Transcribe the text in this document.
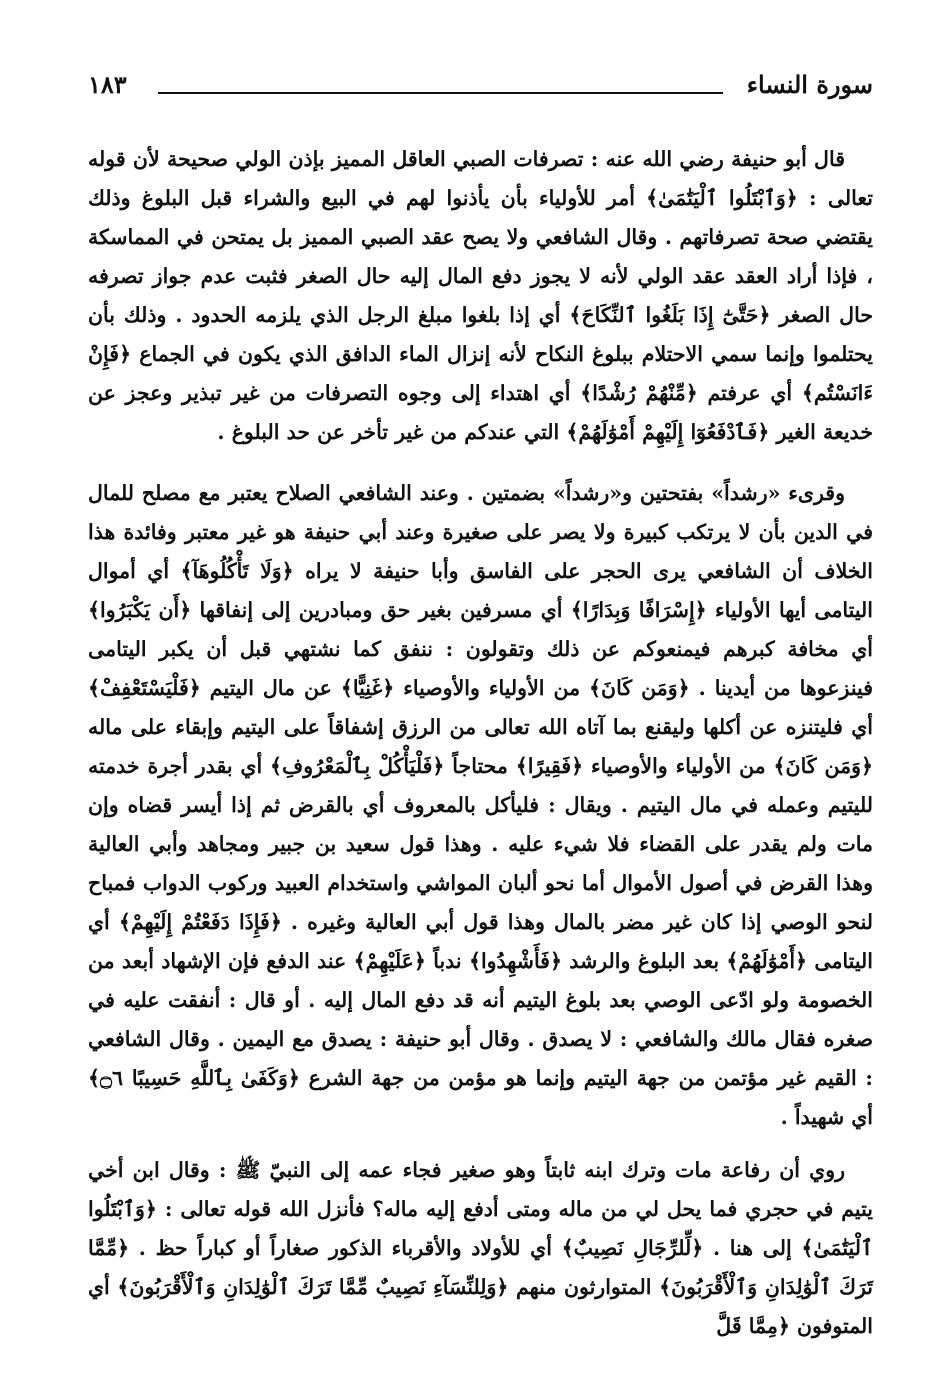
سورة النساء
١٨٣

قال أبو حنيفة رضي الله عنه : تصرفات الصبي العاقل المميز بإذن الولي صحيحة لأن قوله تعالى : ﴿وَٱبْتَلُوا ٱلْيَتَٰمَىٰ﴾ أمر للأولياء بأن يأذنوا لهم في البيع والشراء قبل البلوغ وذلك يقتضي صحة تصرفاتهم . وقال الشافعي ولا يصح عقد الصبي المميز بل يمتحن في المماسكة ، فإذا أراد العقد عقد الولي لأنه لا يجوز دفع المال إليه حال الصغر فثبت عدم جواز تصرفه حال الصغر ﴿حَتَّىٰٓ إِذَا بَلَغُوا ٱلنِّكَاحَ﴾ أي إذا بلغوا مبلغ الرجل الذي يلزمه الحدود . وذلك بأن يحتلموا وإنما سمي الاحتلام ببلوغ النكاح لأنه إنزال الماء الدافق الذي يكون في الجماع ﴿فَإِنْ ءَانَسْتُم﴾ أي عرفتم ﴿مِّنْهُمْ رُشْدًا﴾ أي اهتداء إلى وجوه التصرفات من غير تبذير وعجز عن خديعة الغير ﴿فَٱدْفَعُوٓا إِلَيْهِمْ أَمْوَٰلَهُمْ﴾ التي عندكم من غير تأخر عن حد البلوغ .

وقرىء «رشداً» بفتحتين و«رشداً» بضمتين . وعند الشافعي الصلاح يعتبر مع مصلح للمال في الدين بأن لا يرتكب كبيرة ولا يصر على صغيرة وعند أبي حنيفة هو غير معتبر وفائدة هذا الخلاف أن الشافعي يرى الحجر على الفاسق وأبا حنيفة لا يراه ﴿وَلَا تَأْكُلُوهَآ﴾ أي أموال اليتامى أيها الأولياء ﴿إِسْرَافًا وَبِدَارًا﴾ أي مسرفين بغير حق ومبادرين إلى إنفاقها ﴿أَن يَكْبَرُوا﴾ أي مخافة كبرهم فيمنعوكم عن ذلك وتقولون : ننفق كما نشتهي قبل أن يكبر اليتامى فينزعوها من أيدينا . ﴿وَمَن كَانَ﴾ من الأولياء والأوصياء ﴿غَنِيًّا﴾ عن مال اليتيم ﴿فَلْيَسْتَعْفِفْ﴾ أي فليتنزه عن أكلها وليقنع بما آتاه الله تعالى من الرزق إشفاقاً على اليتيم وإبقاء على ماله ﴿وَمَن كَانَ﴾ من الأولياء والأوصياء ﴿فَقِيرًا﴾ محتاجاً ﴿فَلْيَأْكُلْ بِٱلْمَعْرُوفِ﴾ أي بقدر أجرة خدمته لليتيم وعمله في مال اليتيم . ويقال : فليأكل بالمعروف أي بالقرض ثم إذا أيسر قضاه وإن مات ولم يقدر على القضاء فلا شيء عليه . وهذا قول سعيد بن جبير ومجاهد وأبي العالية وهذا القرض في أصول الأموال أما نحو ألبان المواشي واستخدام العبيد وركوب الدواب فمباح لنحو الوصي إذا كان غير مضر بالمال وهذا قول أبي العالية وغيره . ﴿فَإِذَا دَفَعْتُمْ إِلَيْهِمْ﴾ أي اليتامى ﴿أَمْوَٰلَهُمْ﴾ بعد البلوغ والرشد ﴿فَأَشْهِدُوا﴾ ندباً ﴿عَلَيْهِمْ﴾ عند الدفع فإن الإشهاد أبعد من الخصومة ولو ادّعى الوصي بعد بلوغ اليتيم أنه قد دفع المال إليه . أو قال : أنفقت عليه في صغره فقال مالك والشافعي : لا يصدق . وقال أبو حنيفة : يصدق مع اليمين . وقال الشافعي : القيم غير مؤتمن من جهة اليتيم وإنما هو مؤمن من جهة الشرع ﴿وَكَفَىٰ بِٱللَّهِ حَسِيبًا ۝٦﴾ أي شهيداً .

روي أن رفاعة مات وترك ابنه ثابتاً وهو صغير فجاء عمه إلى النبيّ ﷺ : وقال ابن أخي يتيم في حجري فما يحل لي من ماله ومتى أدفع إليه ماله؟ فأنزل الله قوله تعالى : ﴿وَٱبْتَلُوا ٱلْيَتَٰمَىٰ﴾ إلى هنا . ﴿لِّلرِّجَالِ نَصِيبٌ﴾ أي للأولاد والأقرباء الذكور صغاراً أو كباراً حظ . ﴿مِّمَّا تَرَكَ ٱلْوَٰلِدَانِ وَٱلْأَقْرَبُونَ﴾ المتوارثون منهم ﴿وَلِلنِّسَآءِ نَصِيبٌ مِّمَّا تَرَكَ ٱلْوَٰلِدَانِ وَٱلْأَقْرَبُونَ﴾ أي المتوفون ﴿مِمَّا قَلَّ
